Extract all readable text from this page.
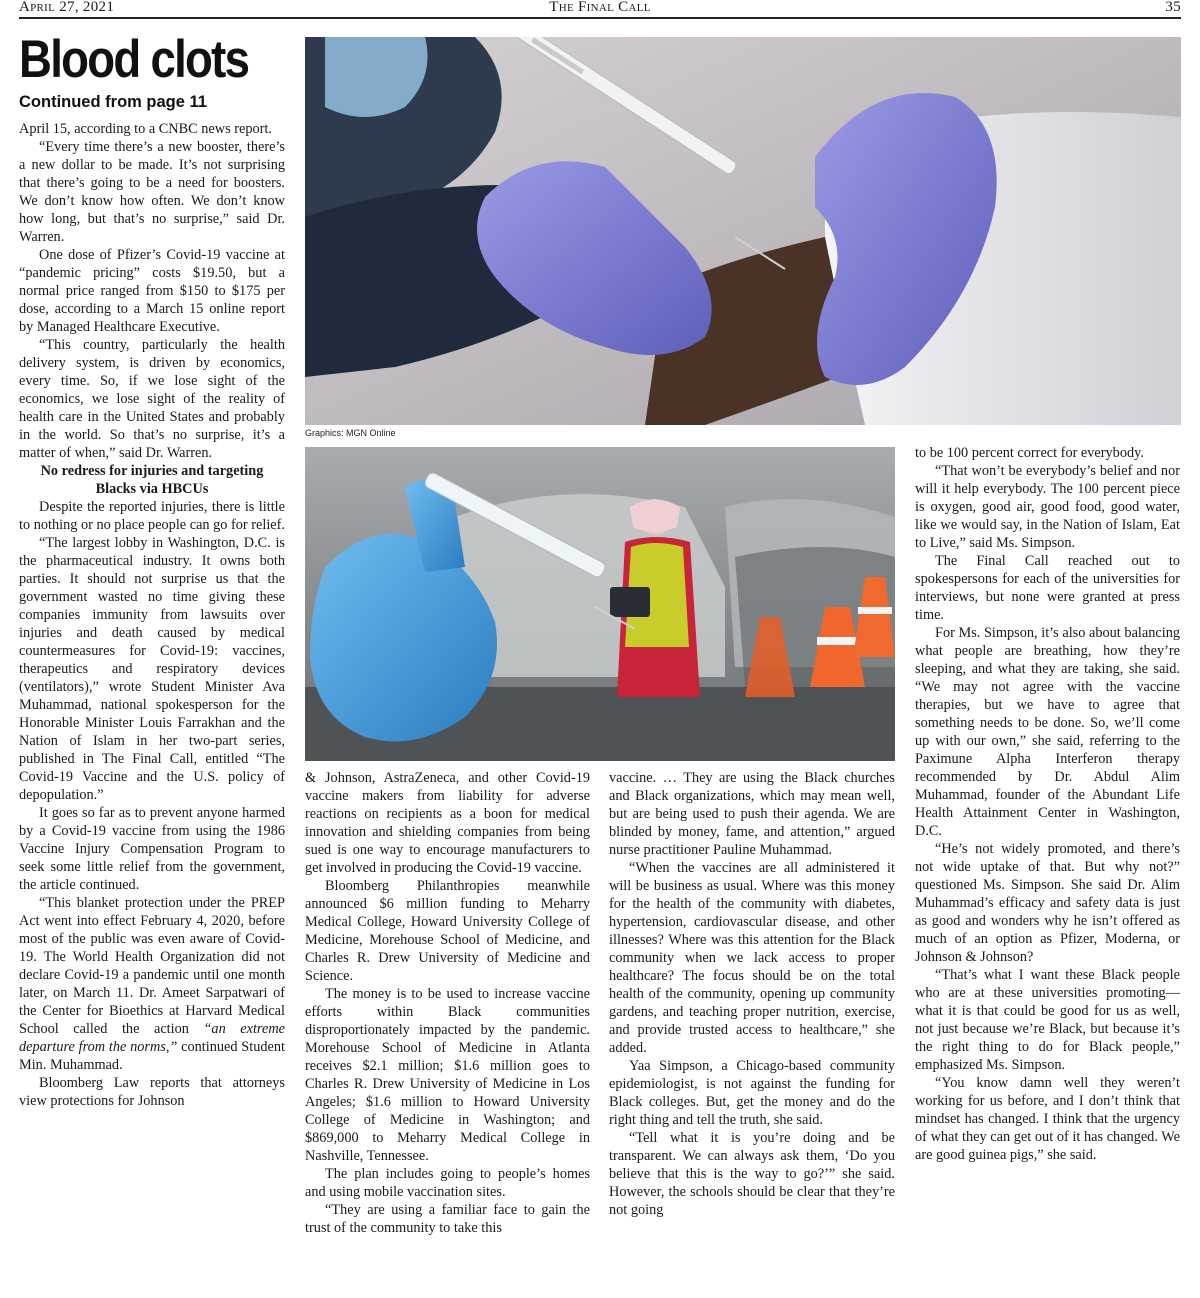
April 27, 2021	The Final Call	35
Blood clots
Continued from page 11

April 15, according to a CNBC news report.

“Every time there’s a new booster, there’s a new dollar to be made. It’s not surprising that there’s going to be a need for boosters. We don’t know how often. We don’t know how long, but that’s no surprise,” said Dr. Warren.

One dose of Pfizer’s Covid-19 vaccine at “pandemic pricing” costs $19.50, but a normal price ranged from $150 to $175 per dose, according to a March 15 online report by Managed Healthcare Executive.

“This country, particularly the health delivery system, is driven by economics, every time. So, if we lose sight of the economics, we lose sight of the reality of health care in the United States and probably in the world. So that’s no surprise, it’s a matter of when,” said Dr. Warren.

No redress for injuries and targeting Blacks via HBCUs

Despite the reported injuries, there is little to nothing or no place people can go for relief.

“The largest lobby in Washington, D.C. is the pharmaceutical industry. It owns both parties. It should not surprise us that the government wasted no time giving these companies immunity from lawsuits over injuries and death caused by medical countermeasures for Covid-19: vaccines, therapeutics and respiratory devices (ventilators),” wrote Student Minister Ava Muhammad, national spokesperson for the Honorable Minister Louis Farrakhan and the Nation of Islam in her two-part series, published in The Final Call, entitled “The Covid-19 Vaccine and the U.S. policy of depopulation.”

It goes so far as to prevent anyone harmed by a Covid-19 vaccine from using the 1986 Vaccine Injury Compensation Program to seek some little relief from the government, the article continued.

“This blanket protection under the PREP Act went into effect February 4, 2020, before most of the public was even aware of Covid-19. The World Health Organization did not declare Covid-19 a pandemic until one month later, on March 11. Dr. Ameet Sarpatwari of the Center for Bioethics at Harvard Medical School called the action “an extreme departure from the norms,” continued Student Min. Muhammad.

Bloomberg Law reports that attorneys view protections for Johnson

Graphics: MGN Online

& Johnson, AstraZeneca, and other Covid-19 vaccine makers from liability for adverse reactions on recipients as a boon for medical innovation and shielding companies from being sued is one way to encourage manufacturers to get involved in producing the Covid-19 vaccine.

Bloomberg Philanthropies meanwhile announced $6 million funding to Meharry Medical College, Howard University College of Medicine, Morehouse School of Medicine, and Charles R. Drew University of Medicine and Science.

The money is to be used to increase vaccine efforts within Black communities disproportionately impacted by the pandemic. Morehouse School of Medicine in Atlanta receives $2.1 million; $1.6 million goes to Charles R. Drew University of Medicine in Los Angeles; $1.6 million to Howard University College of Medicine in Washington; and $869,000 to Meharry Medical College in Nashville, Tennessee.

The plan includes going to people’s homes and using mobile vaccination sites.

“They are using a familiar face to gain the trust of the community to take this

vaccine. … They are using the Black churches and Black organizations, which may mean well, but are being used to push their agenda. We are blinded by money, fame, and attention,” argued nurse practitioner Pauline Muhammad.

“When the vaccines are all administered it will be business as usual. Where was this money for the health of the community with diabetes, hypertension, cardiovascular disease, and other illnesses? Where was this attention for the Black community when we lack access to proper healthcare? The focus should be on the total health of the community, opening up community gardens, and teaching proper nutrition, exercise, and provide trusted access to healthcare,” she added.

Yaa Simpson, a Chicago-based community epidemiologist, is not against the funding for Black colleges. But, get the money and do the right thing and tell the truth, she said.

“Tell what it is you’re doing and be transparent. We can always ask them, ‘Do you believe that this is the way to go?’” she said. However, the schools should be clear that they’re not going

to be 100 percent correct for everybody.

“That won’t be everybody’s belief and nor will it help everybody. The 100 percent piece is oxygen, good air, good food, good water, like we would say, in the Nation of Islam, Eat to Live,” said Ms. Simpson.

The Final Call reached out to spokespersons for each of the universities for interviews, but none were granted at press time.

For Ms. Simpson, it’s also about balancing what people are breathing, how they’re sleeping, and what they are taking, she said. “We may not agree with the vaccine therapies, but we have to agree that something needs to be done. So, we’ll come up with our own,” she said, referring to the Paximune Alpha Interferon therapy recommended by Dr. Abdul Alim Muhammad, founder of the Abundant Life Health Attainment Center in Washington, D.C.

“He’s not widely promoted, and there’s not wide uptake of that. But why not?” questioned Ms. Simpson. She said Dr. Alim Muhammad’s efficacy and safety data is just as good and wonders why he isn’t offered as much of an option as Pfizer, Moderna, or Johnson & Johnson?

“That’s what I want these Black people who are at these universities promoting—what it is that could be good for us as well, not just because we’re Black, but because it’s the right thing to do for Black people,” emphasized Ms. Simpson.

“You know damn well they weren’t working for us before, and I don’t think that mindset has changed. I think that the urgency of what they can get out of it has changed. We are good guinea pigs,” she said.
